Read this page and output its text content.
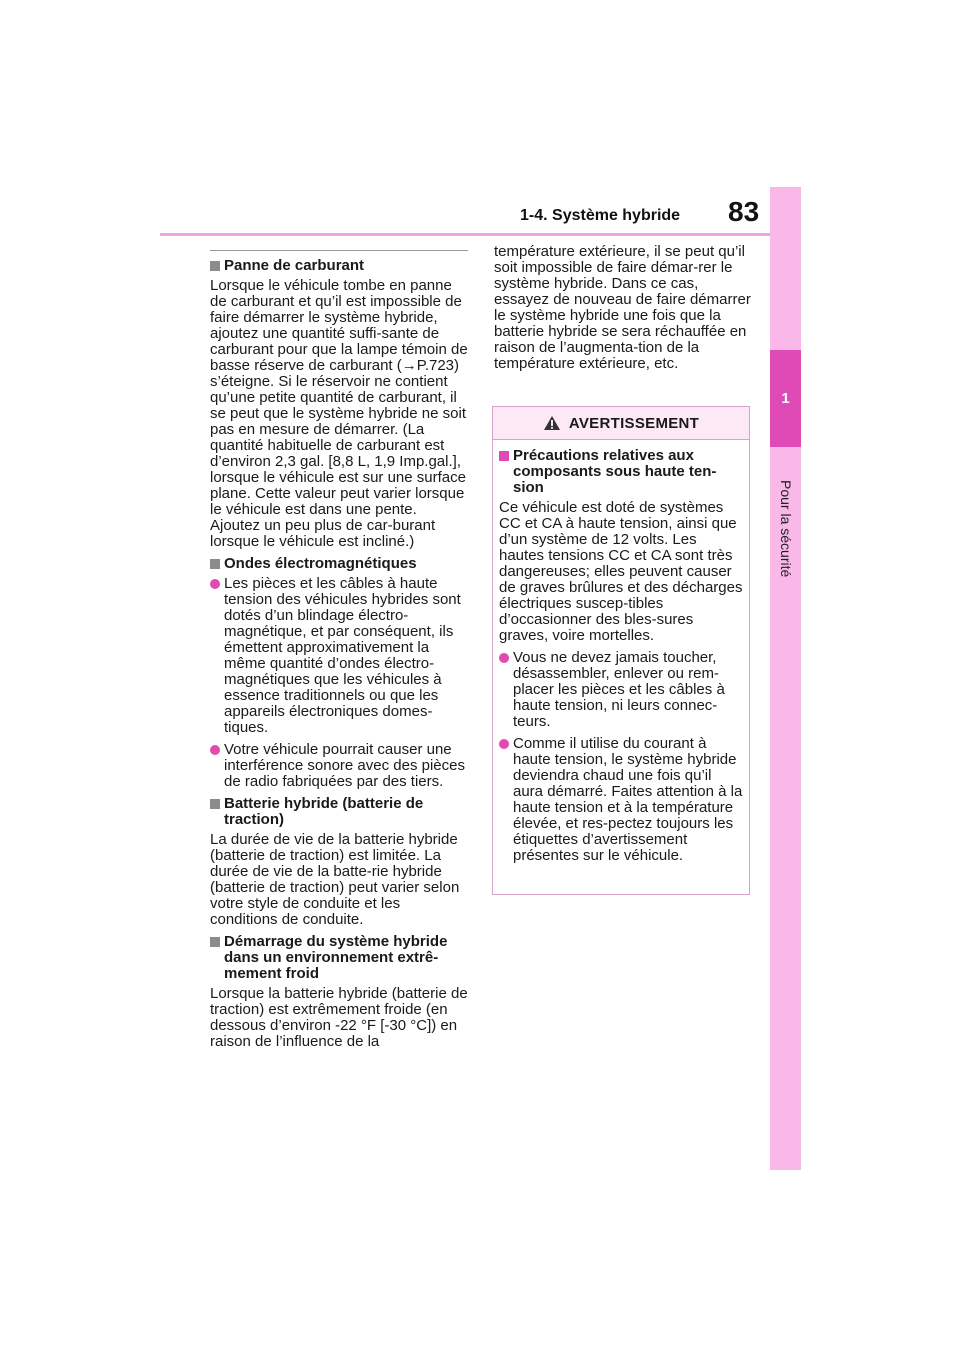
1-4. Système hybride 83
1
Pour la sécurité
Panne de carburant

Lorsque le véhicule tombe en panne de carburant et qu’il est impossible de faire démarrer le système hybride, ajoutez une quantité suffi-sante de carburant pour que la lampe témoin de basse réserve de carburant (→P.723) s’éteigne. Si le réservoir ne contient qu’une petite quantité de carburant, il se peut que le système hybride ne soit pas en mesure de démarrer. (La quantité habituelle de carburant est d’environ 2,3 gal. [8,8 L, 1,9 Imp.gal.], lorsque le véhicule est sur une surface plane. Cette valeur peut varier lorsque le véhicule est dans une pente. Ajoutez un peu plus de car-burant lorsque le véhicule est incliné.)

Ondes électromagnétiques
Les pièces et les câbles à haute tension des véhicules hybrides sont dotés d’un blindage électro-magnétique, et par conséquent, ils émettent approximativement la même quantité d’ondes électro-magnétiques que les véhicules à essence traditionnels ou que les appareils électroniques domes-tiques.
Votre véhicule pourrait causer une interférence sonore avec des pièces de radio fabriquées par des tiers.
Batterie hybride (batterie de traction)

La durée de vie de la batterie hybride (batterie de traction) est limitée. La durée de vie de la batte-rie hybride (batterie de traction) peut varier selon votre style de conduite et les conditions de conduite.

Démarrage du système hybride dans un environnement extrê-mement froid

Lorsque la batterie hybride (batterie de traction) est extrêmement froide (en dessous d’environ -22 °F [-30 °C]) en raison de l’influence de la

température extérieure, il se peut qu’il soit impossible de faire démar-rer le système hybride. Dans ce cas, essayez de nouveau de faire démarrer le système hybride une fois que la batterie hybride se sera réchauffée en raison de l’augmenta-tion de la température extérieure, etc.

AVERTISSEMENT
Précautions relatives aux composants sous haute ten-sion

Ce véhicule est doté de systèmes CC et CA à haute tension, ainsi que d’un système de 12 volts. Les hautes tensions CC et CA sont très dangereuses; elles peuvent causer de graves brûlures et des décharges électriques suscep-tibles d’occasionner des bles-sures graves, voire mortelles.

Vous ne devez jamais toucher, désassembler, enlever ou rem-placer les pièces et les câbles à haute tension, ni leurs connec-teurs.
Comme il utilise du courant à haute tension, le système hybride deviendra chaud une fois qu’il aura démarré. Faites attention à la haute tension et à la température élevée, et res-pectez toujours les étiquettes d’avertissement présentes sur le véhicule.
